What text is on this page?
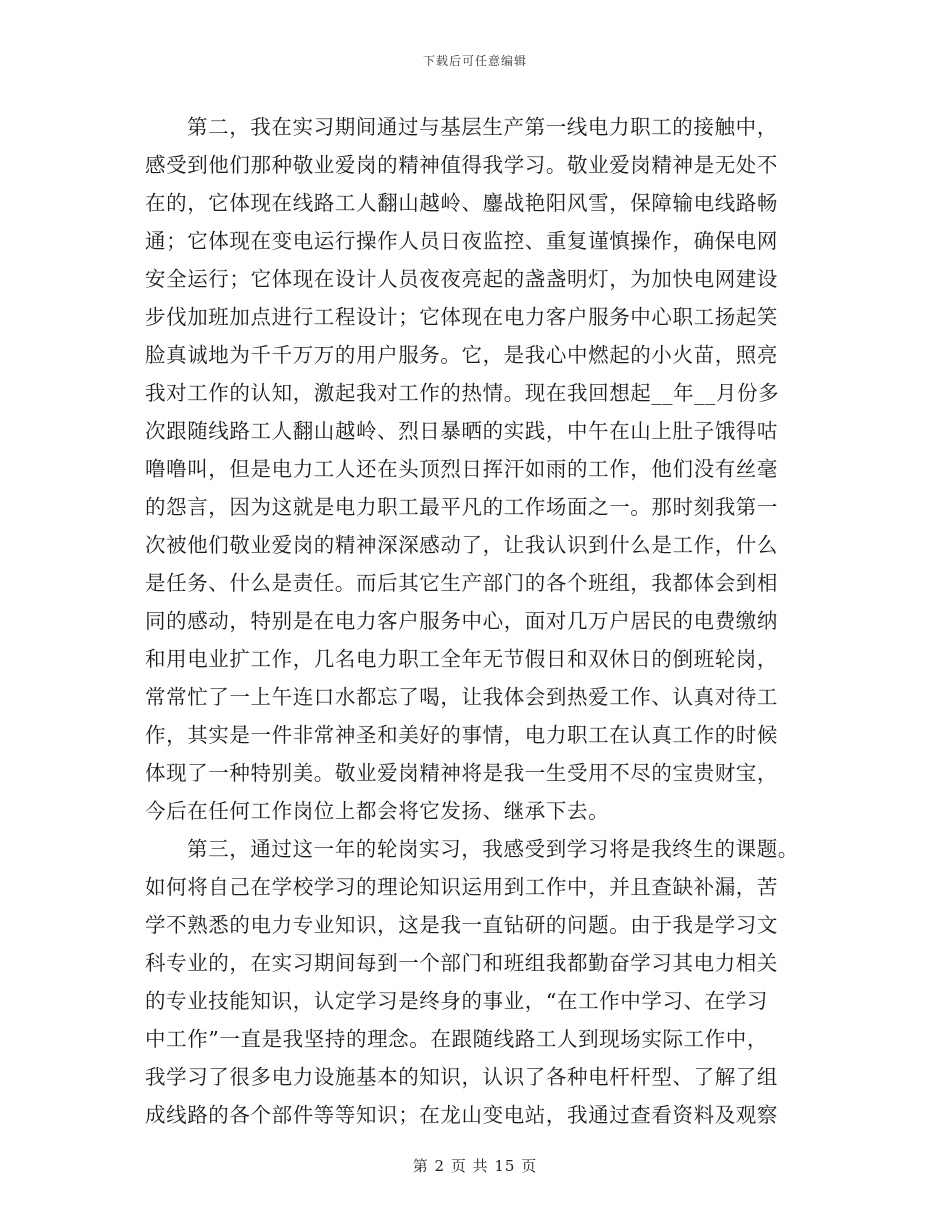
下载后可任意编辑
第二，我在实习期间通过与基层生产第一线电力职工的接触中，
感受到他们那种敬业爱岗的精神值得我学习。敬业爱岗精神是无处不
在的，它体现在线路工人翻山越岭、鏖战艳阳风雪，保障输电线路畅
通；它体现在变电运行操作人员日夜监控、重复谨慎操作，确保电网
安全运行；它体现在设计人员夜夜亮起的盏盏明灯，为加快电网建设
步伐加班加点进行工程设计；它体现在电力客户服务中心职工扬起笑
脸真诚地为千千万万的用户服务。它，是我心中燃起的小火苗，照亮
我对工作的认知，激起我对工作的热情。现在我回想起__年__月份多
次跟随线路工人翻山越岭、烈日暴晒的实践，中午在山上肚子饿得咕
噜噜叫，但是电力工人还在头顶烈日挥汗如雨的工作，他们没有丝毫
的怨言，因为这就是电力职工最平凡的工作场面之一。那时刻我第一
次被他们敬业爱岗的精神深深感动了，让我认识到什么是工作，什么
是任务、什么是责任。而后其它生产部门的各个班组，我都体会到相
同的感动，特别是在电力客户服务中心，面对几万户居民的电费缴纳
和用电业扩工作，几名电力职工全年无节假日和双休日的倒班轮岗，
常常忙了一上午连口水都忘了喝，让我体会到热爱工作、认真对待工
作，其实是一件非常神圣和美好的事情，电力职工在认真工作的时候
体现了一种特别美。敬业爱岗精神将是我一生受用不尽的宝贵财宝，
今后在任何工作岗位上都会将它发扬、继承下去。
第三，通过这一年的轮岗实习，我感受到学习将是我终生的课题。
如何将自己在学校学习的理论知识运用到工作中，并且查缺补漏，苦
学不熟悉的电力专业知识，这是我一直钻研的问题。由于我是学习文
科专业的，在实习期间每到一个部门和班组我都勤奋学习其电力相关
的专业技能知识，认定学习是终身的事业，“在工作中学习、在学习
中工作”一直是我坚持的理念。在跟随线路工人到现场实际工作中，
我学习了很多电力设施基本的知识，认识了各种电杆杆型、了解了组
成线路的各个部件等等知识；在龙山变电站，我通过查看资料及观察
第 2 页 共 15 页
